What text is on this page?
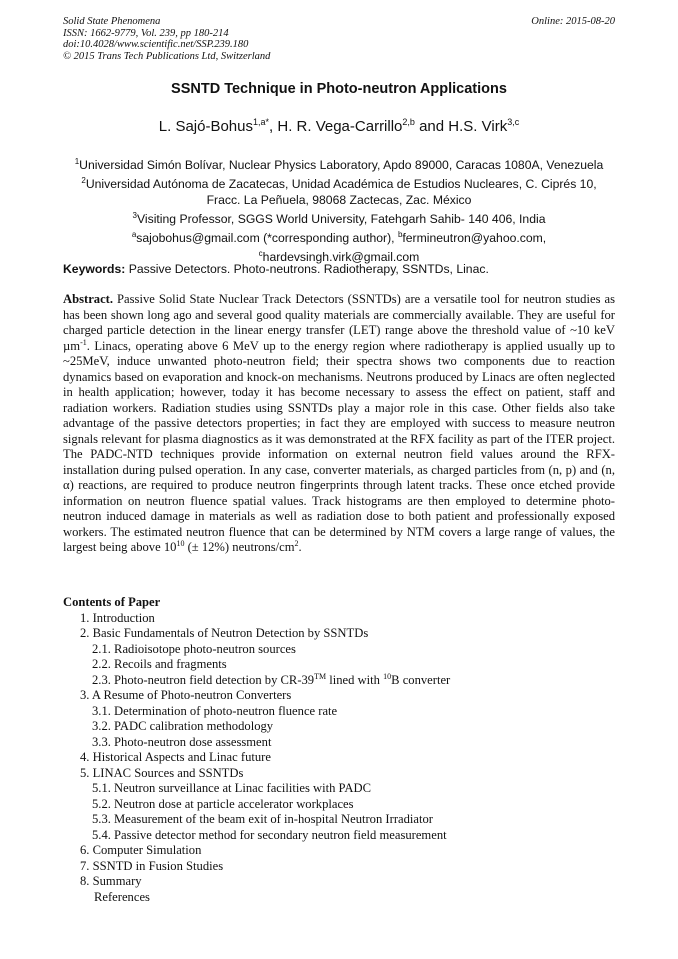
Solid State Phenomena
ISSN: 1662-9779, Vol. 239, pp 180-214
doi:10.4028/www.scientific.net/SSP.239.180
© 2015 Trans Tech Publications Ltd, Switzerland
Online: 2015-08-20
SSNTD Technique in Photo-neutron Applications
L. Sajó-Bohus$^{1,a*}$, H. R. Vega-Carrillo$^{2,b}$ and H.S. Virk$^{3,c}$
$^1$Universidad Simón Bolívar, Nuclear Physics Laboratory, Apdo 89000, Caracas 1080A, Venezuela
$^2$Universidad Autónoma de Zacatecas, Unidad Académica de Estudios Nucleares, C. Ciprés 10,
Fracc. La Peñuela, 98068 Zactecas, Zac. México
$^3$Visiting Professor, SGGS World University, Fatehgarh Sahib- 140 406, India
$^a$sajobohus@gmail.com (*corresponding author), $^b$fermineutron@yahoo.com,
$^c$hardevsingh.virk@gmail.com
Keywords: Passive Detectors. Photo-neutrons. Radiotherapy, SSNTDs, Linac.
Abstract. Passive Solid State Nuclear Track Detectors (SSNTDs) are a versatile tool for neutron studies as has been shown long ago and several good quality materials are commercially available. They are useful for charged particle detection in the linear energy transfer (LET) range above the threshold value of ~10 keV µm$^{-1}$. Linacs, operating above 6 MeV up to the energy region where radiotherapy is applied usually up to ~25MeV, induce unwanted photo-neutron field; their spectra shows two components due to reaction dynamics based on evaporation and knock-on mechanisms. Neutrons produced by Linacs are often neglected in health application; however, today it has become necessary to assess the effect on patient, staff and radiation workers. Radiation studies using SSNTDs play a major role in this case. Other fields also take advantage of the passive detectors properties; in fact they are employed with success to measure neutron signals relevant for plasma diagnostics as it was demonstrated at the RFX facility as part of the ITER project. The PADC-NTD techniques provide information on external neutron field values around the RFX-installation during pulsed operation. In any case, converter materials, as charged particles from (n, p) and (n, α) reactions, are required to produce neutron fingerprints through latent tracks. These once etched provide information on neutron fluence spatial values. Track histograms are then employed to determine photo-neutron induced damage in materials as well as radiation dose to both patient and professionally exposed workers. The estimated neutron fluence that can be determined by NTM covers a large range of values, the largest being above $10^{10}$ (± 12%) neutrons/$cm^2$.
Contents of Paper
1. Introduction
2. Basic Fundamentals of Neutron Detection by SSNTDs
2.1. Radioisotope photo-neutron sources
2.2. Recoils and fragments
2.3. Photo-neutron field detection by CR-39™ lined with $^{10}$B converter
3. A Resume of Photo-neutron Converters
3.1. Determination of photo-neutron fluence rate
3.2. PADC calibration methodology
3.3. Photo-neutron dose assessment
4. Historical Aspects and Linac future
5. LINAC Sources and SSNTDs
5.1. Neutron surveillance at Linac facilities with PADC
5.2. Neutron dose at particle accelerator workplaces
5.3. Measurement of the beam exit of in-hospital Neutron Irradiator
5.4. Passive detector method for secondary neutron field measurement
6. Computer Simulation
7. SSNTD in Fusion Studies
8. Summary
References
